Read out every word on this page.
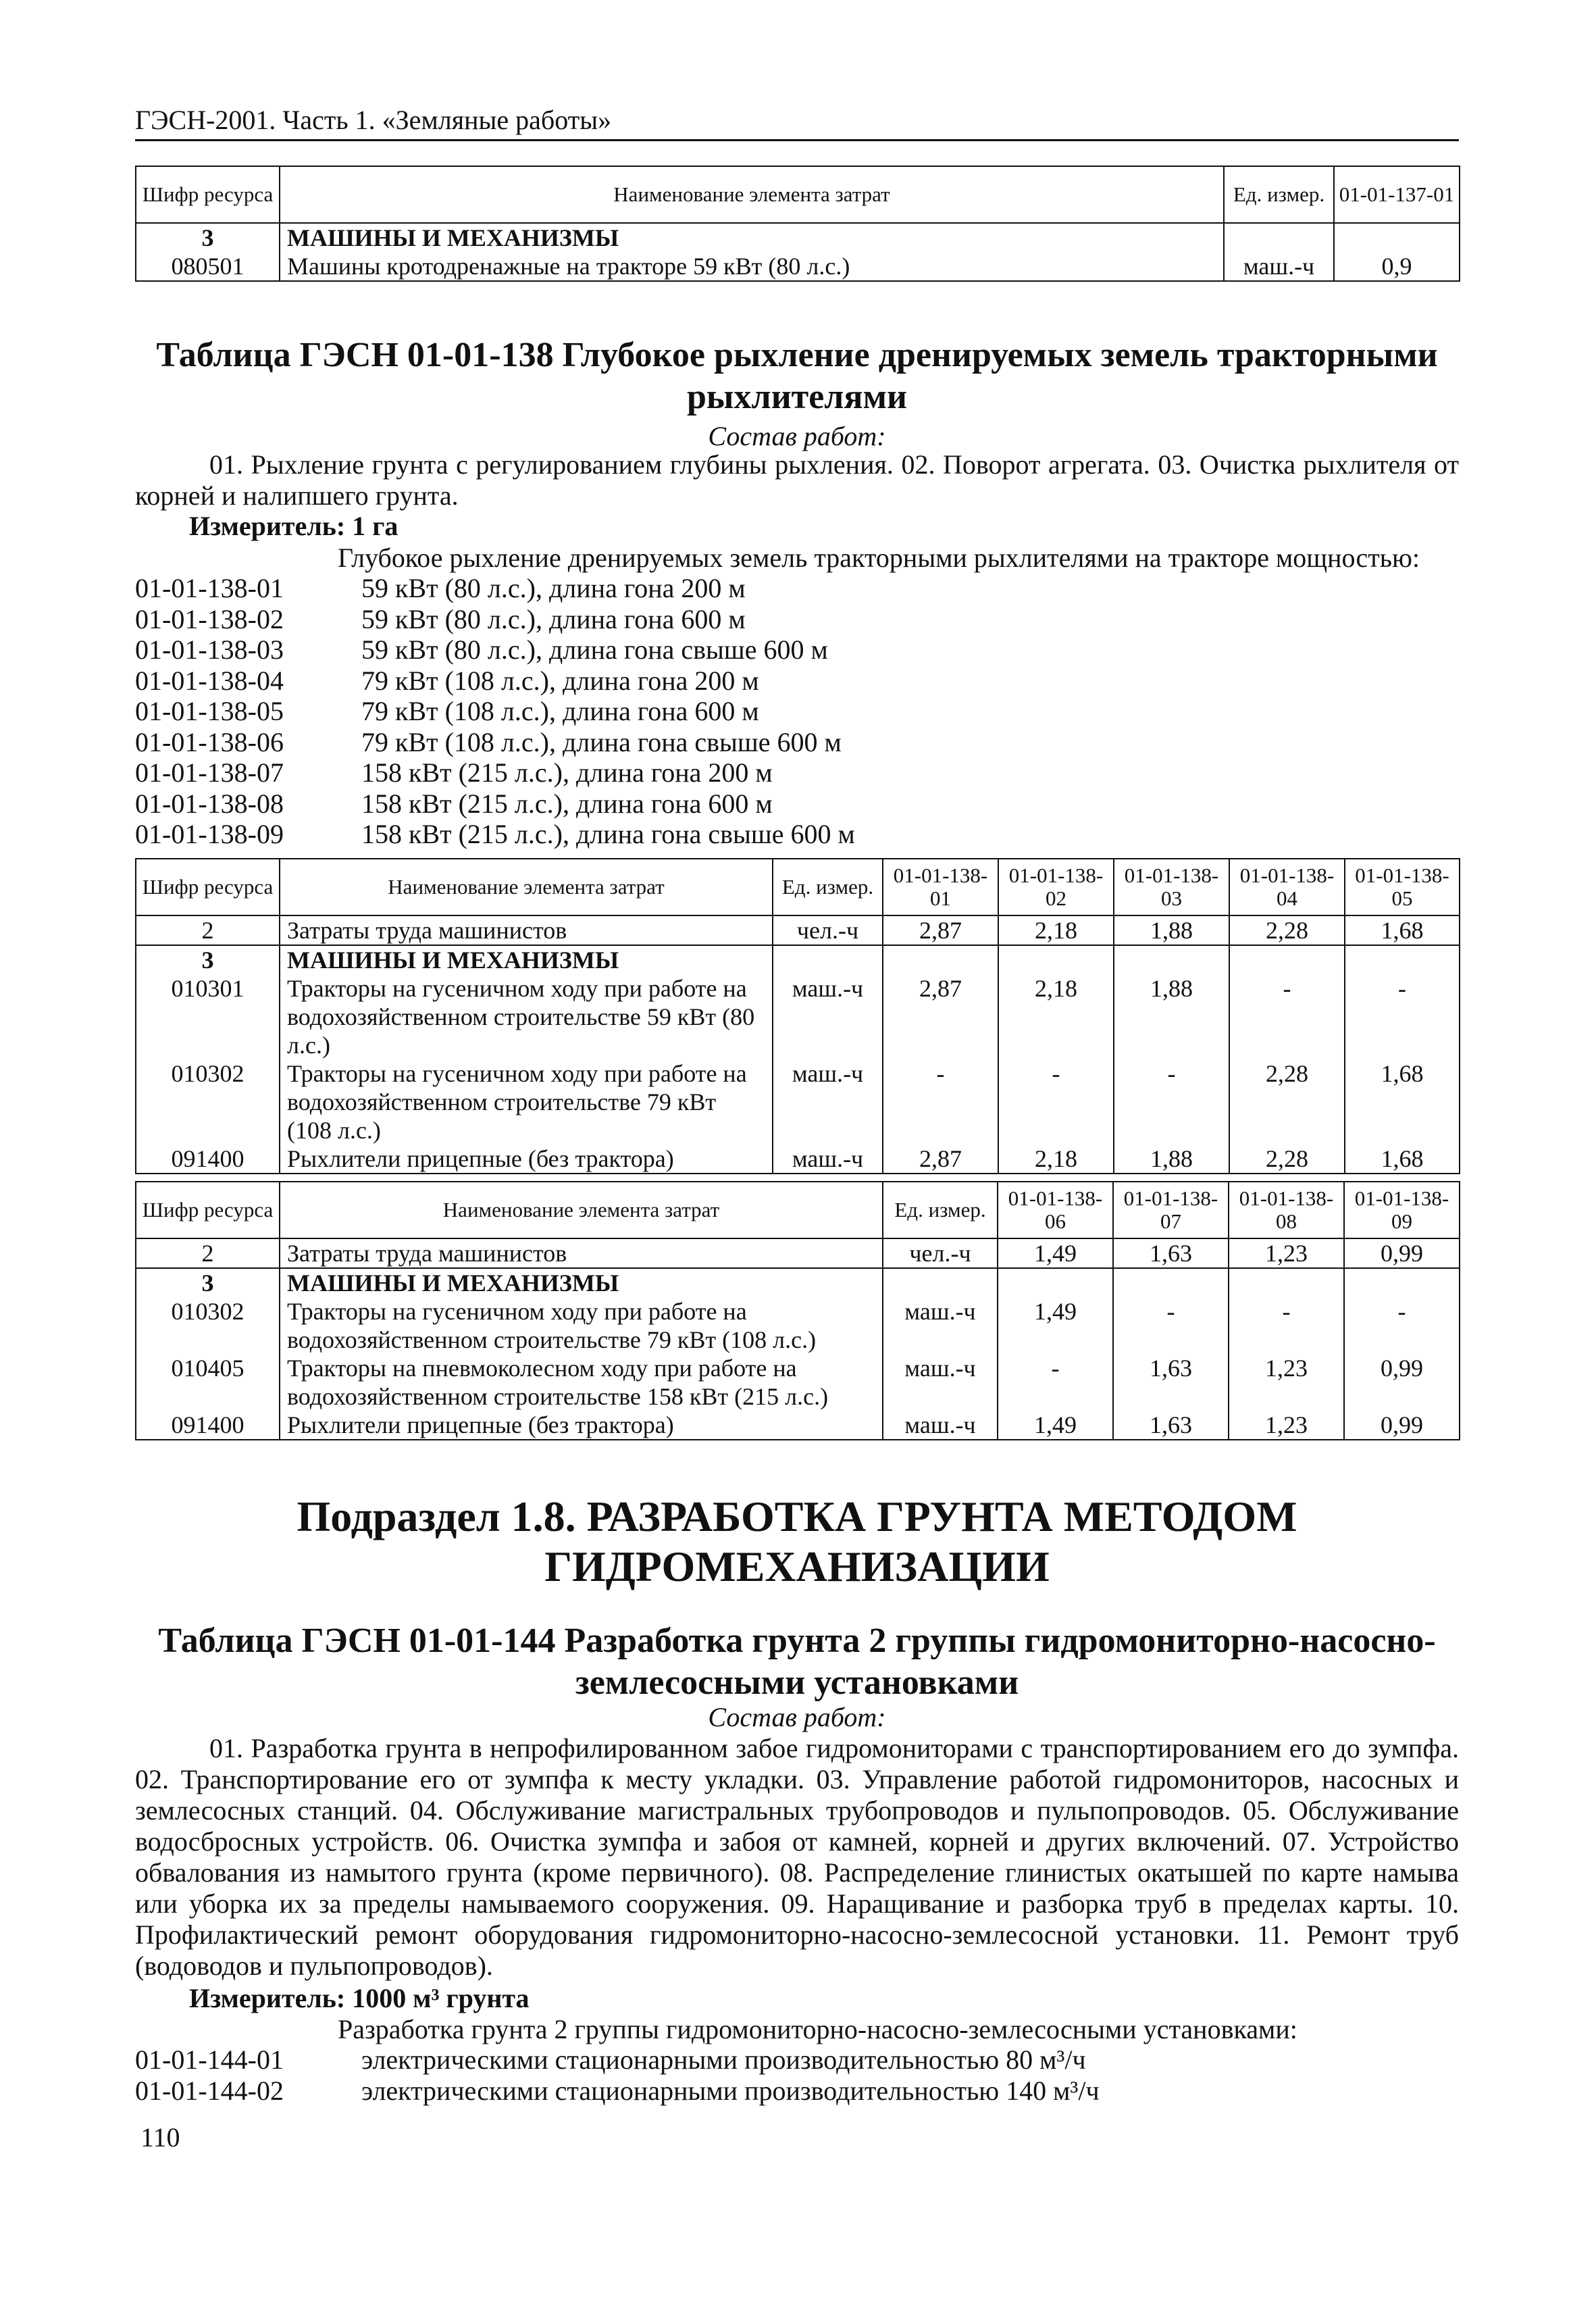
ГЭСН-2001. Часть 1. «Земляные работы»
Шифр ресурса	Наименование элемента затрат	Ед. измер.	01-01-137-01
3	МАШИНЫ И МЕХАНИЗМЫ		
080501	Машины кротодренажные на тракторе 59 кВт (80 л.с.)	маш.-ч	0,9
Таблица ГЭСН 01-01-138 Глубокое рыхление дренируемых земель тракторными
рыхлителями
Состав работ:
01. Рыхление грунта с регулированием глубины рыхления. 02. Поворот агрегата. 03. Очистка рыхлителя от корней и налипшего грунта.
Измеритель: 1 га
Глубокое рыхление дренируемых земель тракторными рыхлителями на тракторе мощностью:
01-01-138-01	59 кВт (80 л.с.), длина гона 200 м
01-01-138-02	59 кВт (80 л.с.), длина гона 600 м
01-01-138-03	59 кВт (80 л.с.), длина гона свыше 600 м
01-01-138-04	79 кВт (108 л.с.), длина гона 200 м
01-01-138-05	79 кВт (108 л.с.), длина гона 600 м
01-01-138-06	79 кВт (108 л.с.), длина гона свыше 600 м
01-01-138-07	158 кВт (215 л.с.), длина гона 200 м
01-01-138-08	158 кВт (215 л.с.), длина гона 600 м
01-01-138-09	158 кВт (215 л.с.), длина гона свыше 600 м
Шифр ресурса	Наименование элемента затрат	Ед. измер.	01-01-138-01	01-01-138-02	01-01-138-03	01-01-138-04	01-01-138-05
2	Затраты труда машинистов	чел.-ч	2,87	2,18	1,88	2,28	1,68
3	МАШИНЫ И МЕХАНИЗМЫ						
010301	Тракторы на гусеничном ходу при работе на водохозяйственном строительстве 59 кВт (80 л.с.)	маш.-ч	2,87	2,18	1,88	-	-
010302	Тракторы на гусеничном ходу при работе на водохозяйственном строительстве 79 кВт (108 л.с.)	маш.-ч	-	-	-	2,28	1,68
091400	Рыхлители прицепные (без трактора)	маш.-ч	2,87	2,18	1,88	2,28	1,68
Шифр ресурса	Наименование элемента затрат	Ед. измер.	01-01-138-06	01-01-138-07	01-01-138-08	01-01-138-09
2	Затраты труда машинистов	чел.-ч	1,49	1,63	1,23	0,99
3	МАШИНЫ И МЕХАНИЗМЫ					
010302	Тракторы на гусеничном ходу при работе на водохозяйственном строительстве 79 кВт (108 л.с.)	маш.-ч	1,49	-	-	-
010405	Тракторы на пневмоколесном ходу при работе на водохозяйственном строительстве 158 кВт (215 л.с.)	маш.-ч	-	1,63	1,23	0,99
091400	Рыхлители прицепные (без трактора)	маш.-ч	1,49	1,63	1,23	0,99
Подраздел 1.8. РАЗРАБОТКА ГРУНТА МЕТОДОМ
ГИДРОМЕХАНИЗАЦИИ
Таблица ГЭСН 01-01-144 Разработка грунта 2 группы гидромониторно-насосно-
землесосными установками
Состав работ:
01. Разработка грунта в непрофилированном забое гидромониторами с транспортированием его до зумпфа. 02. Транспортирование его от зумпфа к месту укладки. 03. Управление работой гидромониторов, насосных и землесосных станций. 04. Обслуживание магистральных трубопроводов и пульпопроводов. 05. Обслуживание водосбросных устройств. 06. Очистка зумпфа и забоя от камней, корней и других включений. 07. Устройство обвалования из намытого грунта (кроме первичного). 08. Распределение глинистых окатышей по карте намыва или уборка их за пределы намываемого сооружения. 09. Наращивание и разборка труб в пределах карты. 10. Профилактический ремонт оборудования гидромониторно-насосно-землесосной установки. 11. Ремонт труб (водоводов и пульпопроводов).
Измеритель: 1000 м³ грунта
Разработка грунта 2 группы гидромониторно-насосно-землесосными установками:
01-01-144-01	электрическими стационарными производительностью 80 м³/ч
01-01-144-02	электрическими стационарными производительностью 140 м³/ч
110
